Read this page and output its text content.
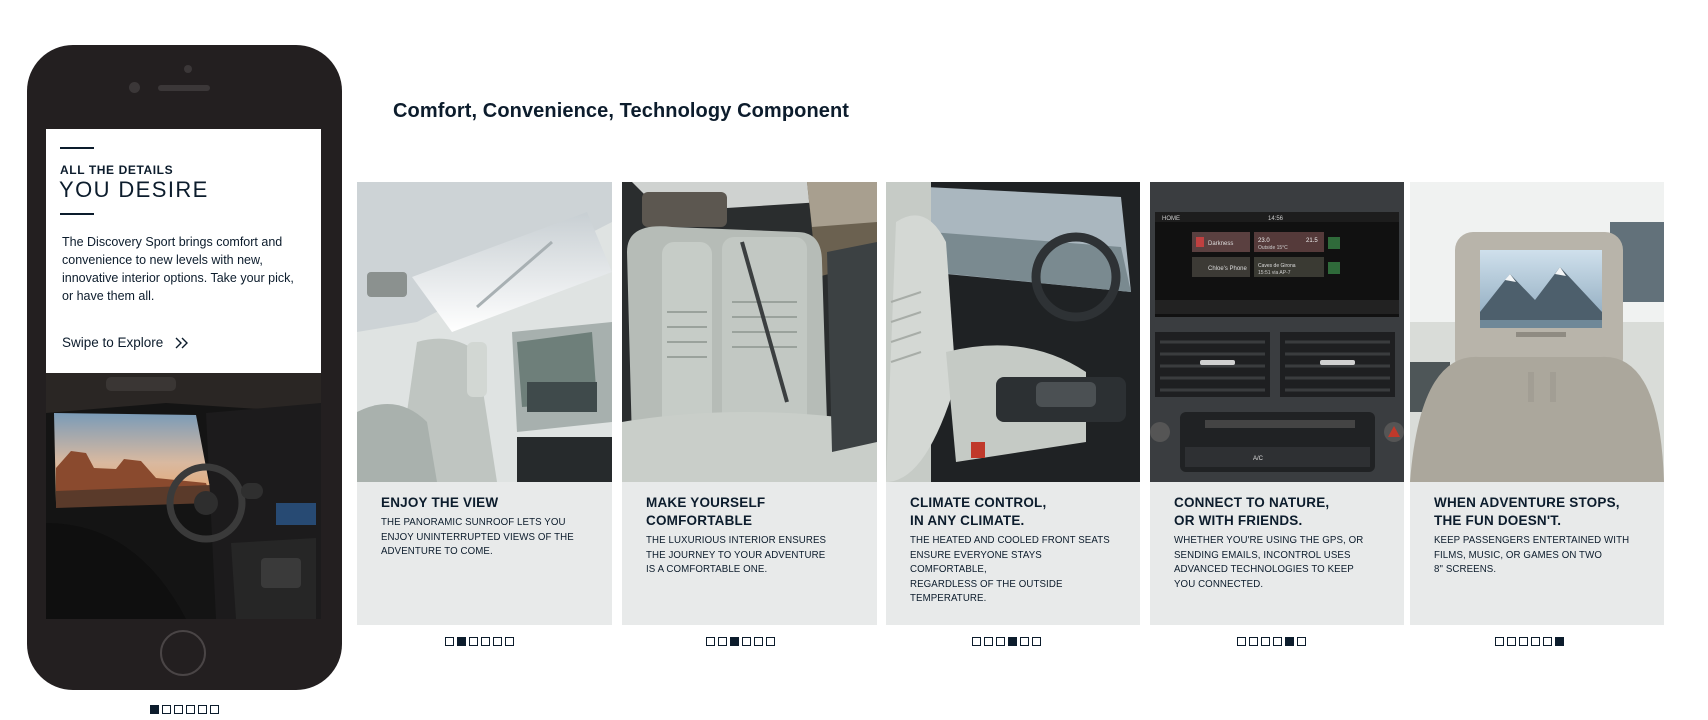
ALL THE DETAILS
YOU DESIRE
The Discovery Sport brings comfort and convenience to new levels with new, innovative interior options. Take your pick, or have them all.
Swipe to Explore
Comfort, Convenience, Technology Component
ENJOY THE VIEW
THE PANORAMIC SUNROOF LETS YOU
ENJOY UNINTERRUPTED VIEWS OF THE
ADVENTURE TO COME.
MAKE YOURSELF
COMFORTABLE
THE LUXURIOUS INTERIOR ENSURES
THE JOURNEY TO YOUR ADVENTURE
IS A COMFORTABLE ONE.
CLIMATE CONTROL,
IN ANY CLIMATE.
THE HEATED AND COOLED FRONT SEATS
ENSURE EVERYONE STAYS COMFORTABLE,
REGARDLESS OF THE OUTSIDE
TEMPERATURE.
HOME	14:56
Darkness
Chloe's Phone
23.0
Outside 15°C
21.5
Caves de Girona
15:51 via AP-7
A/C
CONNECT TO NATURE,
OR WITH FRIENDS.
WHETHER YOU'RE USING THE GPS, OR
SENDING EMAILS, INCONTROL USES
ADVANCED TECHNOLOGIES TO KEEP
YOU CONNECTED.
WHEN ADVENTURE STOPS,
THE FUN DOESN'T.
KEEP PASSENGERS ENTERTAINED WITH
FILMS, MUSIC, OR GAMES ON TWO
8" SCREENS.
